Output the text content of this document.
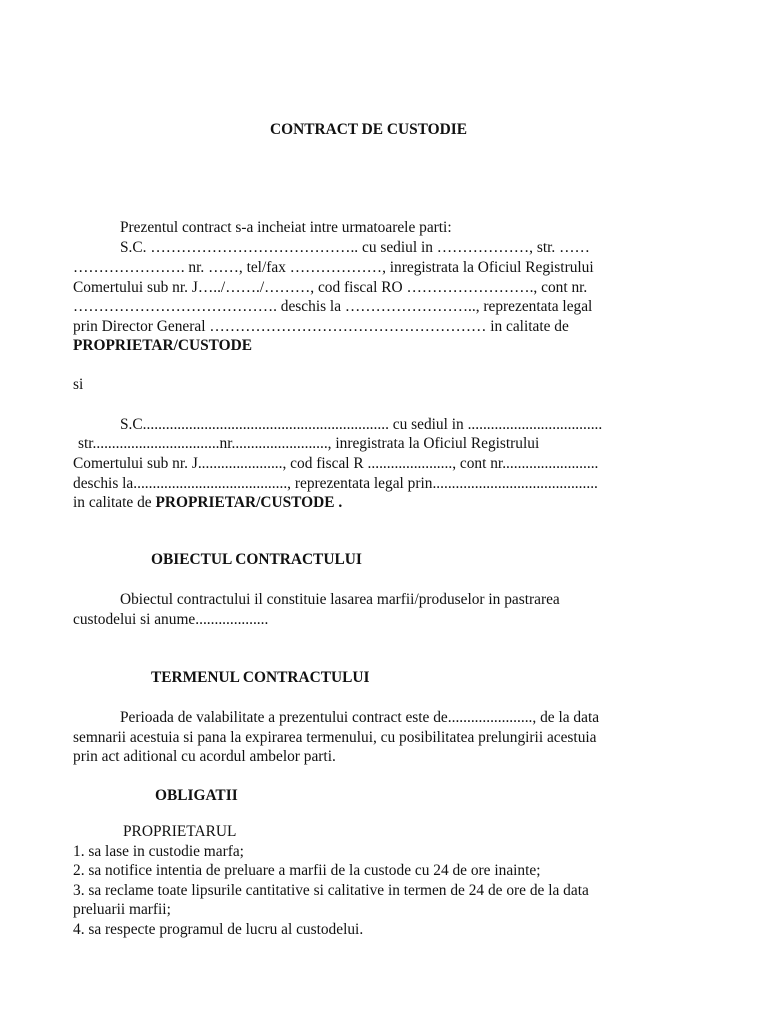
CONTRACT DE CUSTODIE
Prezentul contract s-a incheiat intre urmatoarele parti:
S.C. ………………………………….. cu sediul in ………………, str. ……
…………………. nr. ……, tel/fax ………………, inregistrata la Oficiul Registrului
Comertului sub nr. J…../……./………, cod fiscal RO ……………………., cont nr.
…………………………………. deschis la …………………….., reprezentata legal
prin Director General ……………………………………………… in calitate de
PROPRIETAR/CUSTODE
si
S.C................................................................ cu sediul in ...................................
str.................................nr........................., inregistrata la Oficiul Registrului
Comertului sub nr. J......................, cod fiscal R ......................, cont nr.........................
deschis la........................................, reprezentata legal prin...........................................
in calitate de PROPRIETAR/CUSTODE .
OBIECTUL CONTRACTULUI
Obiectul contractului il constituie lasarea marfii/produselor in pastrarea
custodelui si anume...................
TERMENUL CONTRACTULUI
Perioada de valabilitate a prezentului contract este de......................, de la data
semnarii acestuia si pana la expirarea termenului, cu posibilitatea prelungirii acestuia
prin act aditional cu acordul ambelor parti.
OBLIGATII
PROPRIETARUL
1. sa lase in custodie marfa;
2. sa notifice intentia de preluare a marfii de la custode cu 24 de ore inainte;
3. sa reclame toate lipsurile cantitative si calitative in termen de 24 de ore de la data
preluarii marfii;
4. sa respecte programul de lucru al custodelui.
